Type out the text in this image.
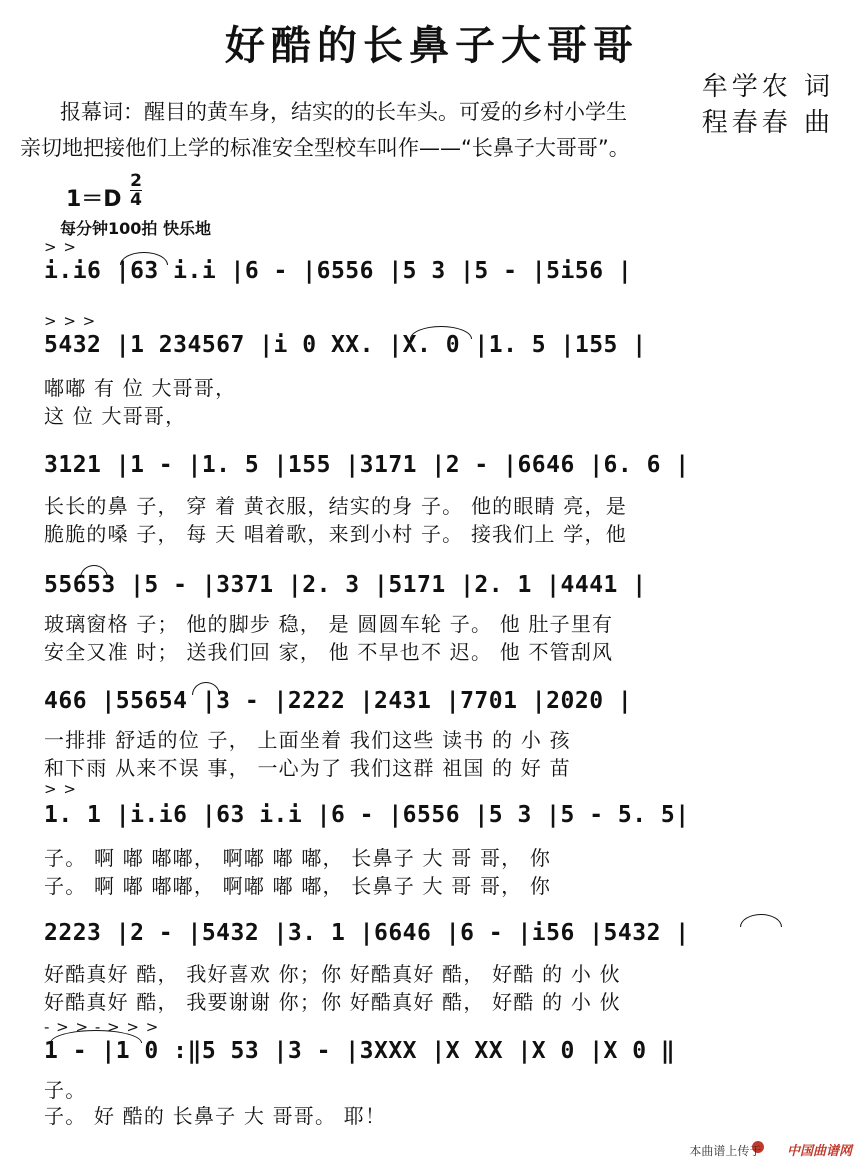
好酷的长鼻子大哥哥
牟学农 词
程春春 曲
报幕词：醒目的黄车身，结实的的长车头。可爱的乡村小学生
亲切地把接他们上学的标准安全型校车叫作——“长鼻子大哥哥”。
1＝D
2
4
每分钟100拍 快乐地
> >
i.i6 |63 i.i |6 - |6556 |5 3 |5 - |5i56 |
> > >
5432 |1 234567 |i 0 XX. |X. 0 |1. 5 |155 |
嘟嘟 有 位 大哥哥，
这 位 大哥哥，
3121 |1 - |1. 5 |155 |3171 |2 - |6646 |6. 6 |
长长的鼻 子， 穿 着 黄衣服，结实的身 子。 他的眼睛 亮，是
脆脆的嗓 子， 每 天 唱着歌，来到小村 子。 接我们上 学，他
55653 |5 - |3371 |2. 3 |5171 |2. 1 |4441 |
玻璃窗格 子； 他的脚步 稳， 是 圆圆车轮 子。 他 肚子里有
安全又准 时； 送我们回 家， 他 不早也不 迟。 他 不管刮风
466 |55654 |3 - |2222 |2431 |7701 |2020 |
一排排 舒适的位 子， 上面坐着 我们这些 读书 的 小 孩
和下雨 从来不误 事， 一心为了 我们这群 祖国 的 好 苗
> >
1. 1 |i.i6 |63 i.i |6 - |6556 |5 3 |5 - 5. 5|
子。 啊 嘟 嘟嘟， 啊嘟 嘟 嘟， 长鼻子 大 哥 哥， 你
子。 啊 嘟 嘟嘟， 啊嘟 嘟 嘟， 长鼻子 大 哥 哥， 你
2223 |2 - |5432 |3. 1 |6646 |6 - |i56 |5432 |
好酷真好 酷， 我好喜欢 你；你 好酷真好 酷， 好酷 的 小 伙
好酷真好 酷， 我要谢谢 你；你 好酷真好 酷， 好酷 的 小 伙
- > > - > > >
1 - |1 0 :‖5 53 |3 - |3XXX |X XX |X 0 |X 0 ‖
子。
子。 好 酷的 长鼻子 大 哥哥。 耶！
本曲谱上传于 中国曲谱网
